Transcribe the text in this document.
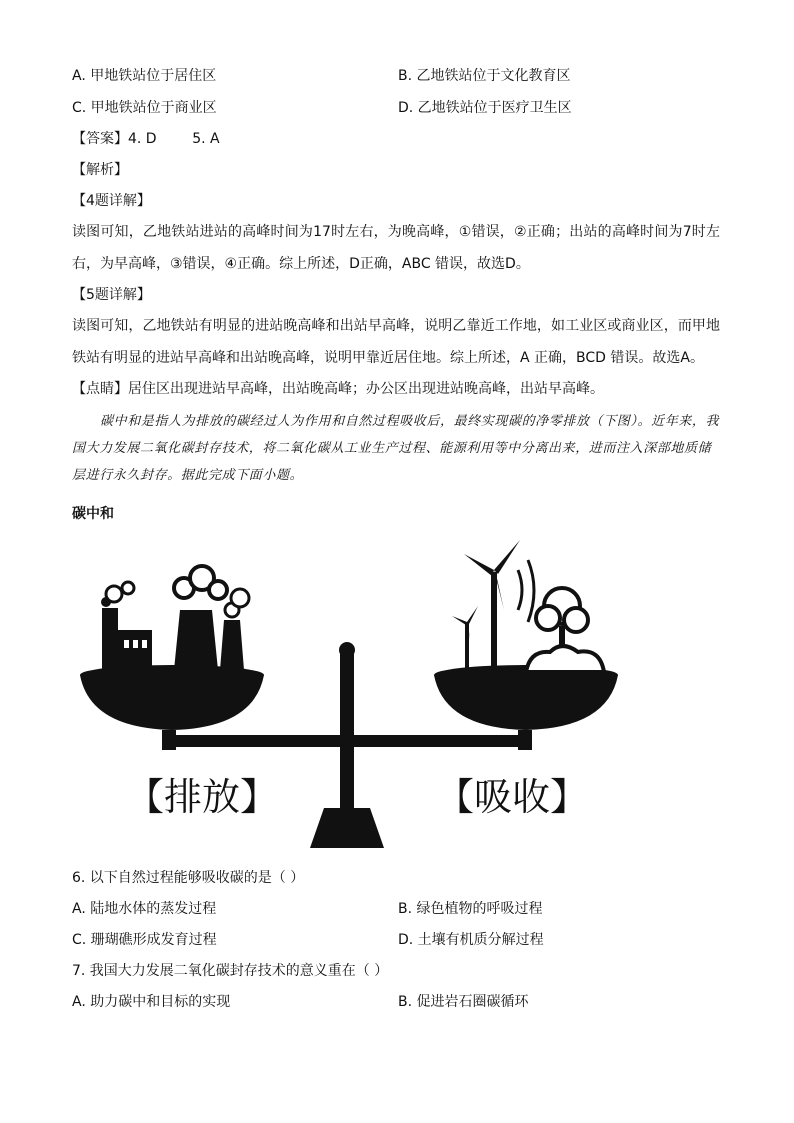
A. 甲地铁站位于居住区	B. 乙地铁站位于文化教育区
C. 甲地铁站位于商业区	D. 乙地铁站位于医疗卫生区
【答案】4. D        5. A
【解析】
【4题详解】
读图可知，乙地铁站进站的高峰时间为17时左右，为晚高峰，①错误，②正确；出站的高峰时间为7时左右，为早高峰，③错误，④正确。综上所述，D正确，ABC 错误，故选D。
【5题详解】
读图可知，乙地铁站有明显的进站晚高峰和出站早高峰，说明乙靠近工作地，如工业区或商业区，而甲地铁站有明显的进站早高峰和出站晚高峰，说明甲靠近居住地。综上所述，A 正确，BCD 错误。故选A。
【点睛】居住区出现进站早高峰，出站晚高峰；办公区出现进站晚高峰，出站早高峰。
碳中和是指人为排放的碳经过人为作用和自然过程吸收后，最终实现碳的净零排放（下图）。近年来，我国大力发展二氧化碳封存技术，将二氧化碳从工业生产过程、能源利用等中分离出来，进而注入深部地质储层进行永久封存。据此完成下面小题。
碳中和
【排放】	【吸收】
6. 以下自然过程能够吸收碳的是（ ）
A. 陆地水体的蒸发过程	B. 绿色植物的呼吸过程
C. 珊瑚礁形成发育过程	D. 土壤有机质分解过程
7. 我国大力发展二氧化碳封存技术的意义重在（ ）
A. 助力碳中和目标的实现	B. 促进岩石圈碳循环
